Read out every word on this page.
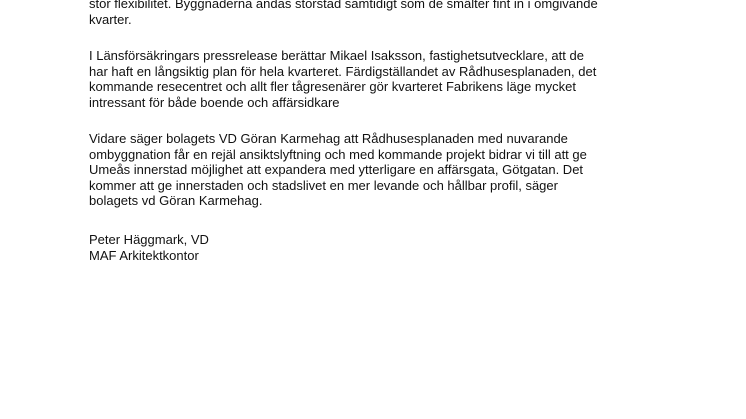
stor flexibilitet. Byggnaderna andas storstad samtidigt som de smälter fint in i omgivande
kvarter.
I Länsförsäkringars pressrelease berättar Mikael Isaksson, fastighetsutvecklare, att de
har haft en långsiktig plan för hela kvarteret. Färdigställandet av Rådhusesplanaden, det
kommande resecentret och allt fler tågresenärer gör kvarteret Fabrikens läge mycket
intressant för både boende och affärsidkare
Vidare säger bolagets VD Göran Karmehag att Rådhusesplanaden med nuvarande
ombyggnation får en rejäl ansiktslyftning och med kommande projekt bidrar vi till att ge
Umeås innerstad möjlighet att expandera med ytterligare en affärsgata, Götgatan. Det
kommer att ge innerstaden och stadslivet en mer levande och hållbar profil, säger
bolagets vd Göran Karmehag.
Peter Häggmark, VD
MAF Arkitektkontor
